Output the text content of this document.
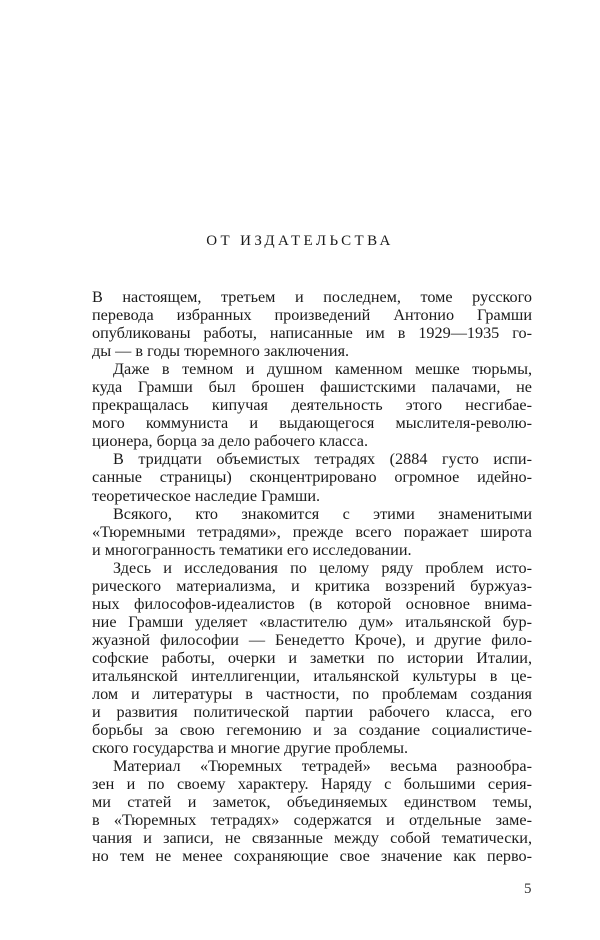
ОТ ИЗДАТЕЛЬСТВА
В настоящем, третьем и последнем, томе русского
перевода избранных произведений Антонио Грамши
опубликованы работы, написанные им в 1929—1935 го-
ды — в годы тюремного заключения.
Даже в темном и душном каменном мешке тюрьмы,
куда Грамши был брошен фашистскими палачами, не
прекращалась кипучая деятельность этого несгибае-
мого коммуниста и выдающегося мыслителя-револю-
ционера, борца за дело рабочего класса.
В тридцати объемистых тетрадях (2884 густо испи-
санные страницы) сконцентрировано огромное идейно-
теоретическое наследие Грамши.
Всякого, кто знакомится с этими знаменитыми
«Тюремными тетрадями», прежде всего поражает широта
и многогранность тематики его исследовании.
Здесь и исследования по целому ряду проблем исто-
рического материализма, и критика воззрений буржуаз-
ных философов-идеалистов (в которой основное внима-
ние Грамши уделяет «властителю дум» итальянской бур-
жуазной философии — Бенедетто Кроче), и другие фило-
софские работы, очерки и заметки по истории Италии,
итальянской интеллигенции, итальянской культуры в це-
лом и литературы в частности, по проблемам создания
и развития политической партии рабочего класса, его
борьбы за свою гегемонию и за создание социалистиче-
ского государства и многие другие проблемы.
Материал «Тюремных тетрадей» весьма разнообра-
зен и по своему характеру. Наряду с большими серия-
ми статей и заметок, объединяемых единством темы,
в «Тюремных тетрадях» содержатся и отдельные заме-
чания и записи, не связанные между собой тематически,
но тем не менее сохраняющие свое значение как перво-
5
